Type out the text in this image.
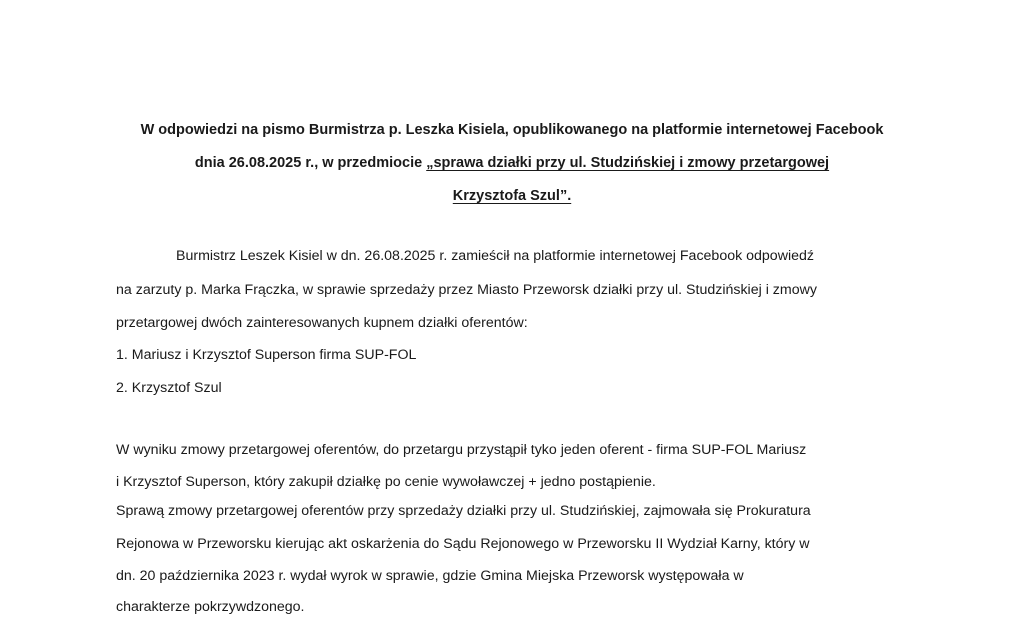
W odpowiedzi na pismo Burmistrza p. Leszka Kisiela, opublikowanego na platformie internetowej Facebook
dnia 26.08.2025 r., w przedmiocie „sprawa działki przy ul. Studzińskiej i zmowy przetargowej
Krzysztofa Szul”.
Burmistrz Leszek Kisiel w dn. 26.08.2025 r. zamieścił na platformie internetowej Facebook odpowiedź
na zarzuty p. Marka Frączka, w sprawie sprzedaży przez Miasto Przeworsk działki przy ul. Studzińskiej i zmowy
przetargowej dwóch zainteresowanych kupnem działki oferentów:
1. Mariusz i Krzysztof Superson firma SUP-FOL
2. Krzysztof Szul
W wyniku zmowy przetargowej oferentów, do przetargu przystąpił tyko jeden oferent - firma SUP-FOL Mariusz
i Krzysztof Superson, który zakupił działkę po cenie wywoławczej + jedno postąpienie.
Sprawą zmowy przetargowej oferentów przy sprzedaży działki przy ul. Studzińskiej, zajmowała się Prokuratura
Rejonowa w Przeworsku kierując akt oskarżenia do Sądu Rejonowego w Przeworsku II Wydział Karny, który w
dn. 20 października 2023 r. wydał wyrok w sprawie, gdzie Gmina Miejska Przeworsk występowała w
charakterze pokrzywdzonego.
